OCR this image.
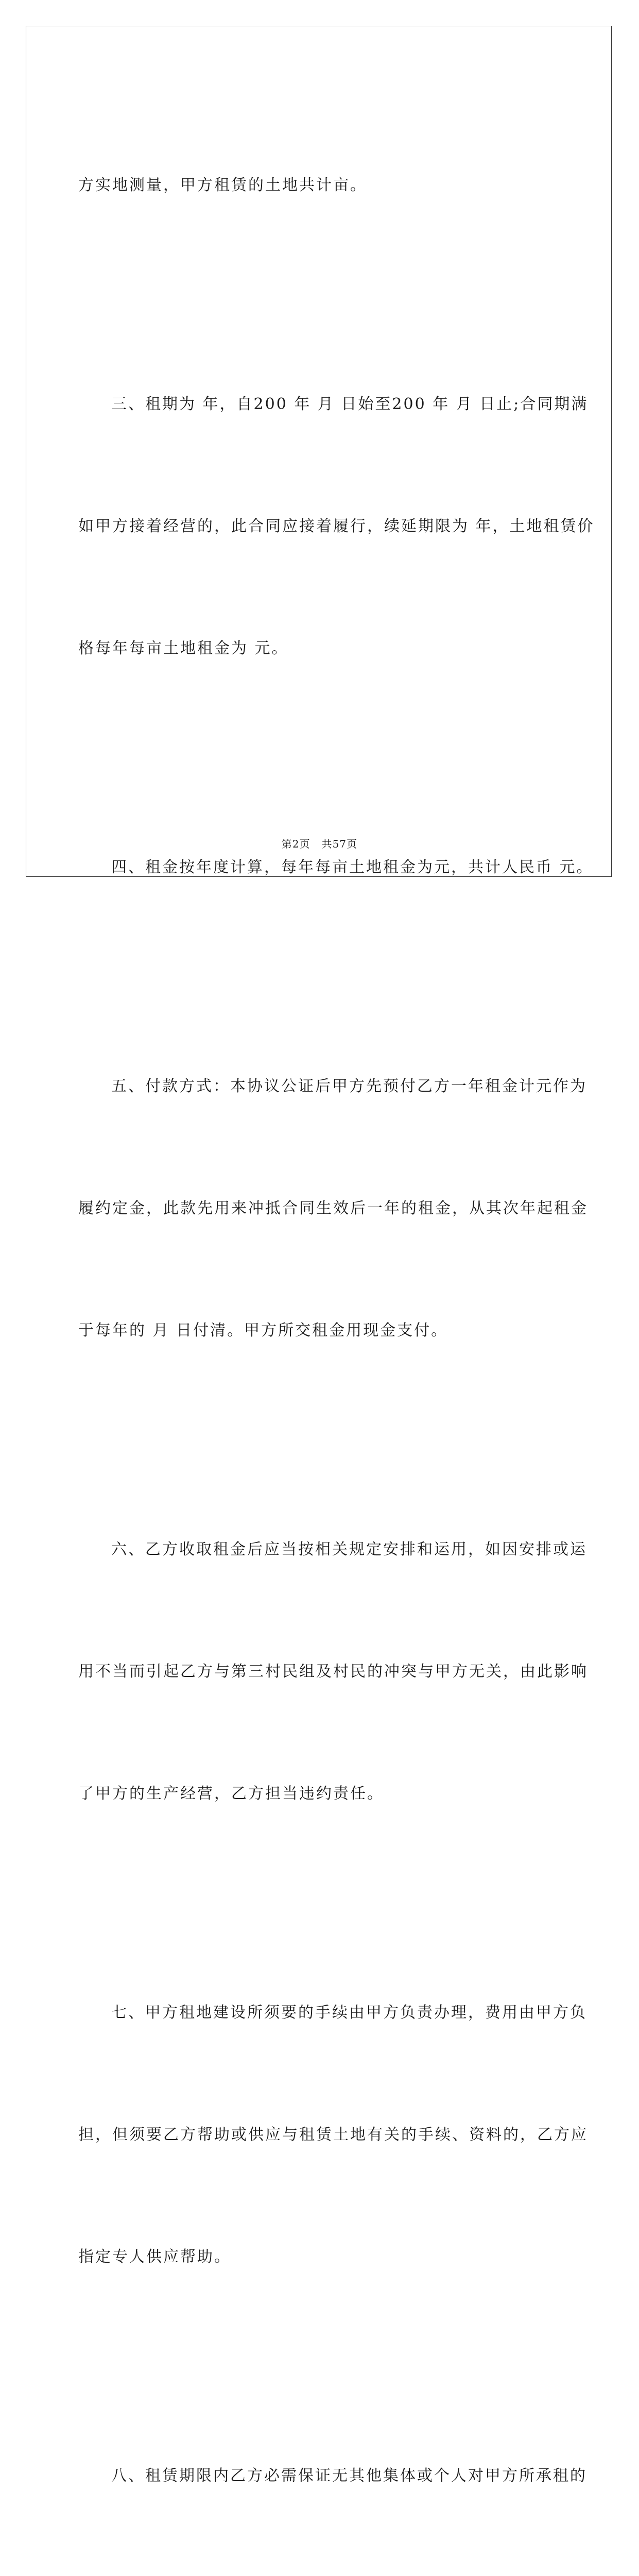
方实地测量，甲方租赁的土地共计亩。

三、租期为 年，自200 年 月 日始至200 年 月 日止;合同期满

如甲方接着经营的，此合同应接着履行，续延期限为 年，土地租赁价

格每年每亩土地租金为 元。

四、租金按年度计算，每年每亩土地租金为元，共计人民币 元。

五、付款方式：本协议公证后甲方先预付乙方一年租金计元作为

履约定金，此款先用来冲抵合同生效后一年的租金，从其次年起租金

于每年的 月 日付清。甲方所交租金用现金支付。

六、乙方收取租金后应当按相关规定安排和运用，如因安排或运

用不当而引起乙方与第三村民组及村民的冲突与甲方无关，由此影响

了甲方的生产经营，乙方担当违约责任。

七、甲方租地建设所须要的手续由甲方负责办理，费用由甲方负

担，但须要乙方帮助或供应与租赁土地有关的手续、资料的，乙方应

指定专人供应帮助。

八、租赁期限内乙方必需保证无其他集体或个人对甲方所承租的

第2页 共57页
